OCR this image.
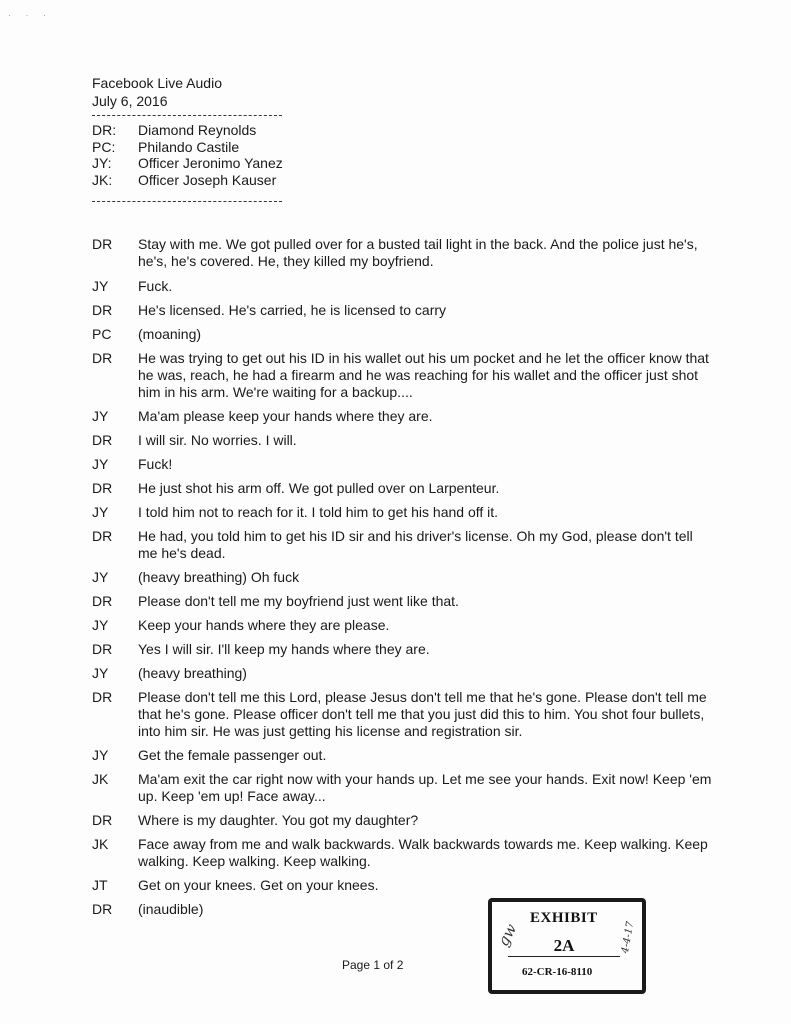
· · ·
Facebook Live Audio
July 6, 2016
DR:	Diamond Reynolds
PC:	Philando Castile
JY:	Officer Jeronimo Yanez
JK:	Officer Joseph Kauser
DR	Stay with me. We got pulled over for a busted tail light in the back. And the police just he's, he's, he's covered. He, they killed my boyfriend.
JY	Fuck.
DR	He's licensed. He's carried, he is licensed to carry
PC	(moaning)
DR	He was trying to get out his ID in his wallet out his um pocket and he let the officer know that he was, reach, he had a firearm and he was reaching for his wallet and the officer just shot him in his arm. We're waiting for a backup....
JY	Ma'am please keep your hands where they are.
DR	I will sir. No worries. I will.
JY	Fuck!
DR	He just shot his arm off. We got pulled over on Larpenteur.
JY	I told him not to reach for it. I told him to get his hand off it.
DR	He had, you told him to get his ID sir and his driver's license. Oh my God, please don't tell me he's dead.
JY	(heavy breathing) Oh fuck
DR	Please don't tell me my boyfriend just went like that.
JY	Keep your hands where they are please.
DR	Yes I will sir. I'll keep my hands where they are.
JY	(heavy breathing)
DR	Please don't tell me this Lord, please Jesus don't tell me that he's gone. Please don't tell me that he's gone. Please officer don't tell me that you just did this to him. You shot four bullets, into him sir. He was just getting his license and registration sir.
JY	Get the female passenger out.
JK	Ma'am exit the car right now with your hands up. Let me see your hands. Exit now! Keep 'em up. Keep 'em up! Face away...
DR	Where is my daughter. You got my daughter?
JK	Face away from me and walk backwards. Walk backwards towards me. Keep walking. Keep walking. Keep walking. Keep walking.
JT	Get on your knees. Get on your knees.
DR	(inaudible)
Page 1 of 2
gw
EXHIBIT
2A
62-CR-16-8110
4-4-17
